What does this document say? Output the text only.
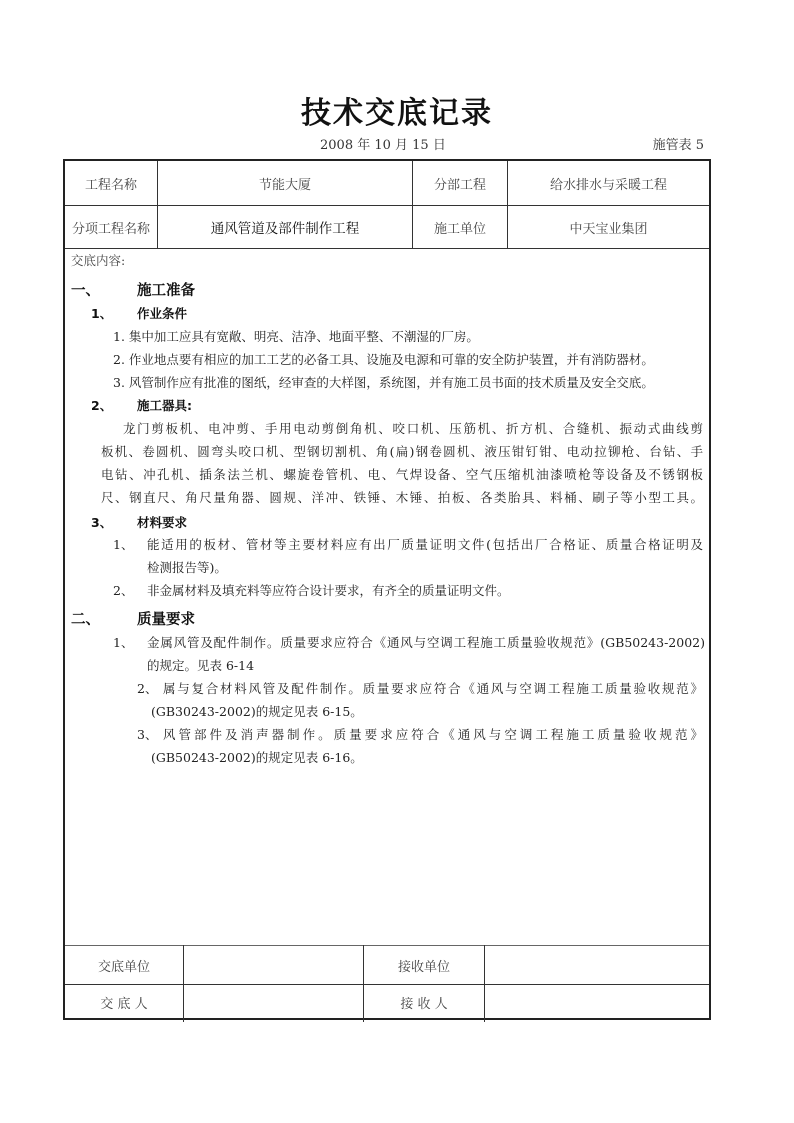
技术交底记录
2008 年 10 月 15 日	施管表 5
工程名称	节能大厦	分部工程	给水排水与采暖工程
分项工程名称	通风管道及部件制作工程	施工单位	中天宝业集团
交底内容:
一、	施工准备
1、 作业条件
1. 集中加工应具有宽敞、明亮、洁净、地面平整、不潮湿的厂房。
2. 作业地点要有相应的加工工艺的必备工具、设施及电源和可靠的安全防护装置，并有消防器材。
3. 风管制作应有批准的图纸，经审查的大样图，系统图，并有施工员书面的技术质量及安全交底。
2、 施工器具:
龙门剪板机、电冲剪、手用电动剪倒角机、咬口机、压筋机、折方机、合缝机、振动式曲线剪
板机、卷圆机、圆弯头咬口机、型钢切割机、角(扁)钢卷圆机、液压钳钉钳、电动拉铆枪、台钻、手
电钻、冲孔机、插条法兰机、螺旋卷管机、电、气焊设备、空气压缩机油漆喷枪等设备及不锈钢板
尺、钢直尺、角尺量角器、圆规、洋冲、铁锤、木锤、拍板、各类胎具、料桶、刷子等小型工具。
3、 材料要求
1、 能适用的板材、管材等主要材料应有出厂质量证明文件(包括出厂合格证、质量合格证明及
检测报告等)。
2、 非金属材料及填充料等应符合设计要求，有齐全的质量证明文件。
二、	质量要求
1、 金属风管及配件制作。质量要求应符合《通风与空调工程施工质量验收规范》(GB50243-2002)
的规定。见表 6-14
2、 属与复合材料风管及配件制作。质量要求应符合《通风与空调工程施工质量验收规范》
(GB30243-2002)的规定见表 6-15。
3、 风管部件及消声器制作。质量要求应符合《通风与空调工程施工质量验收规范》
(GB50243-2002)的规定见表 6-16。
交底单位	接收单位
交 底 人	接 收 人
